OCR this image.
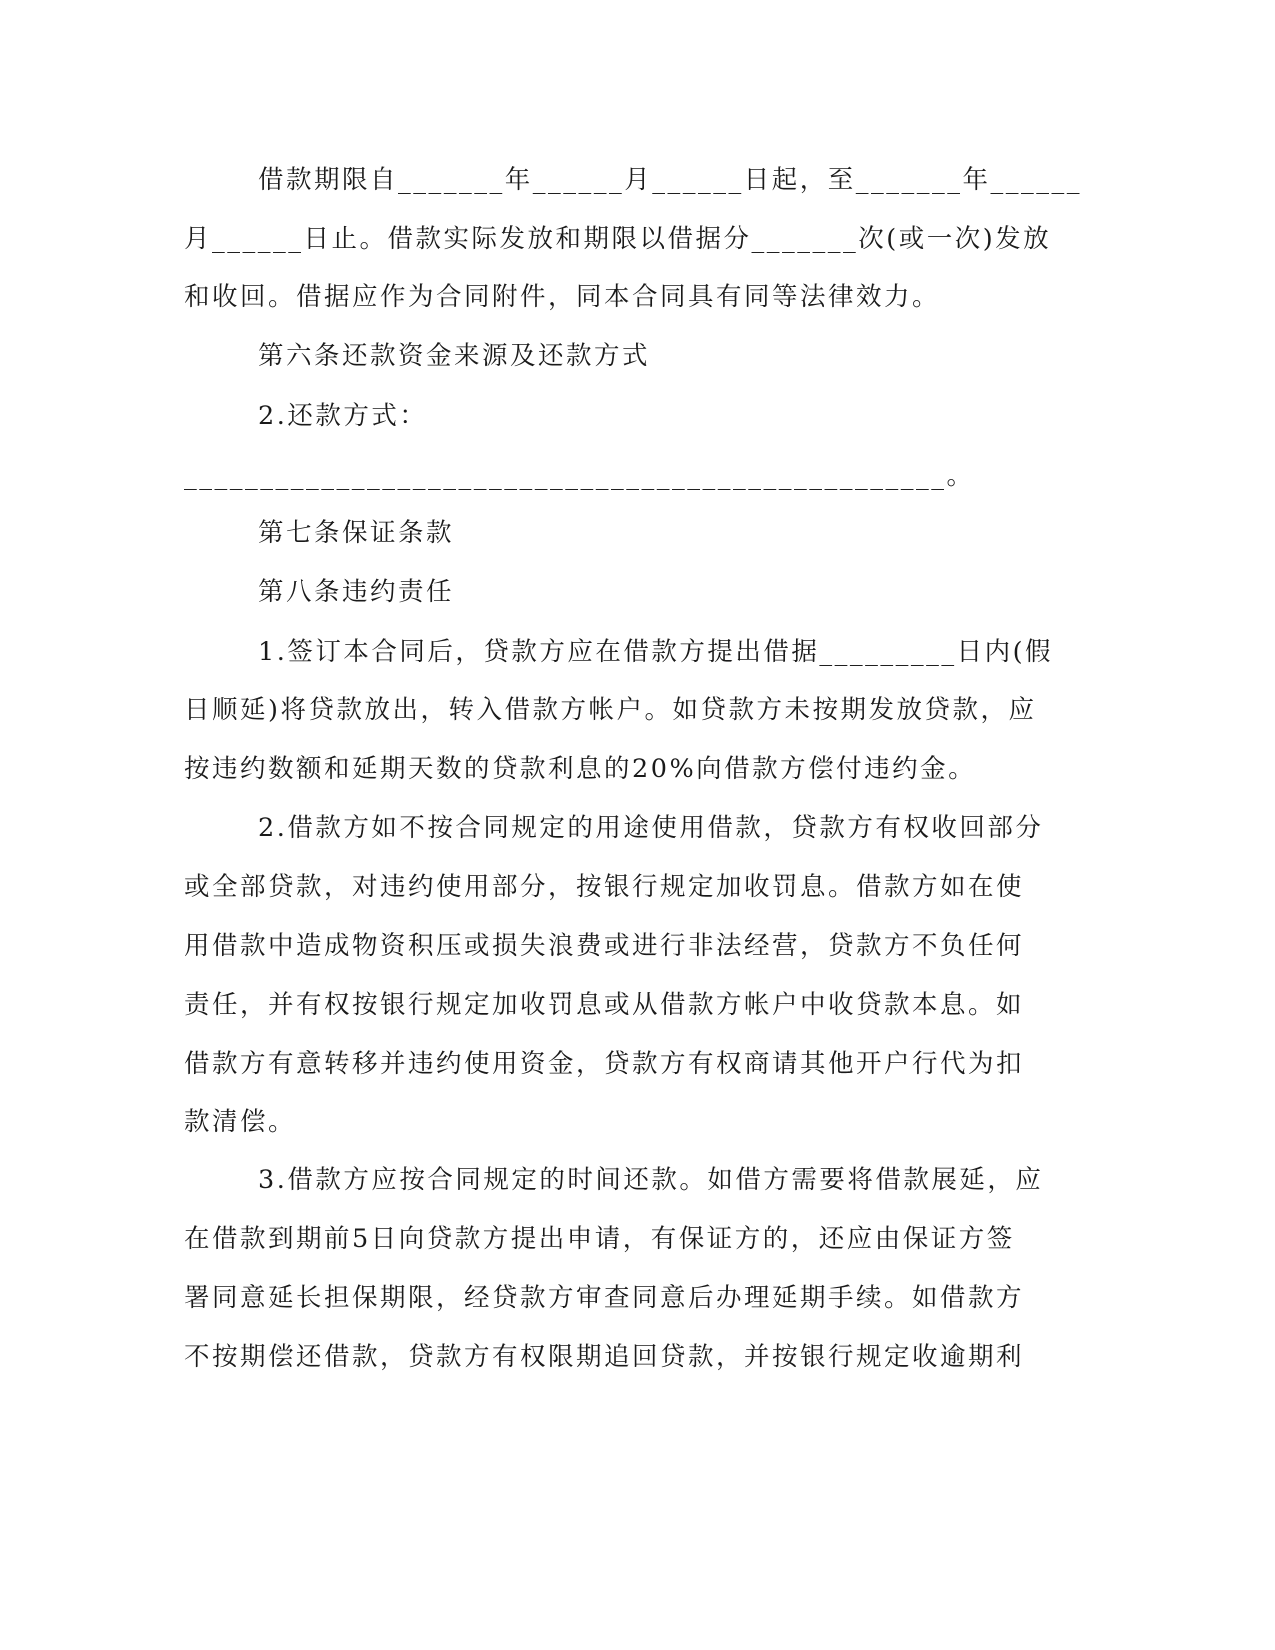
借款期限自_______年______月______日起，至_______年______
月______日止。借款实际发放和期限以借据分_______次(或一次)发放
和收回。借据应作为合同附件，同本合同具有同等法律效力。
第六条还款资金来源及还款方式
2.还款方式：
__________________________________________________。
第七条保证条款
第八条违约责任
1.签订本合同后，贷款方应在借款方提出借据_________日内(假
日顺延)将贷款放出，转入借款方帐户。如贷款方未按期发放贷款，应
按违约数额和延期天数的贷款利息的20%向借款方偿付违约金。
2.借款方如不按合同规定的用途使用借款，贷款方有权收回部分
或全部贷款，对违约使用部分，按银行规定加收罚息。借款方如在使
用借款中造成物资积压或损失浪费或进行非法经营，贷款方不负任何
责任，并有权按银行规定加收罚息或从借款方帐户中收贷款本息。如
借款方有意转移并违约使用资金，贷款方有权商请其他开户行代为扣
款清偿。
3.借款方应按合同规定的时间还款。如借方需要将借款展延，应
在借款到期前5日向贷款方提出申请，有保证方的，还应由保证方签
署同意延长担保期限，经贷款方审查同意后办理延期手续。如借款方
不按期偿还借款，贷款方有权限期追回贷款，并按银行规定收逾期利
